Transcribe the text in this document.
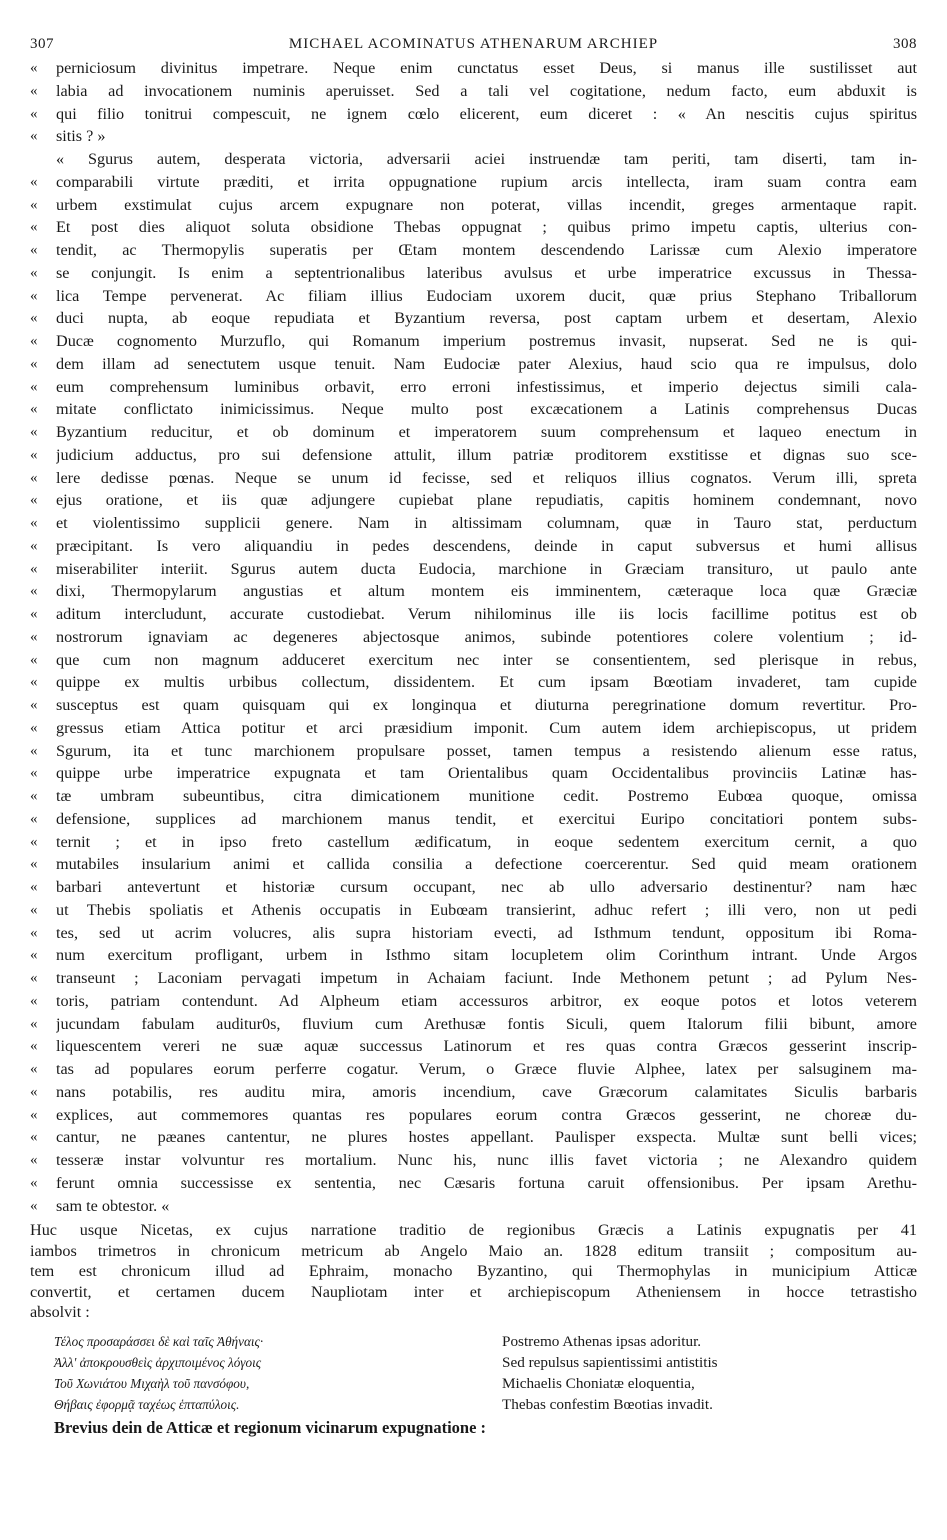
307	MICHAEL ACOMINATUS ATHENARUM ARCHIEP	308
«	perniciosum divinitus impetrare. Neque enim cunctatus esset Deus, si manus ille sustilisset aut
«	labia ad invocationem numinis aperuisset. Sed a tali vel cogitatione, nedum facto, eum abduxit is
«	qui filio tonitrui compescuit, ne ignem cœlo elicerent, eum diceret : « An nescitis cujus spiritus
«	sitis ? »
« Sgurus autem, desperata victoria, adversarii aciei instruendæ tam periti, tam diserti, tam in-
«	comparabili virtute præditi, et irrita oppugnatione rupium arcis intellecta, iram suam contra eam
«	urbem exstimulat cujus arcem expugnare non poterat, villas incendit, greges armentaque rapit.
«	Et post dies aliquot soluta obsidione Thebas oppugnat ; quibus primo impetu captis, ulterius con-
«	tendit, ac Thermopylis superatis per Œtam montem descendendo Larissæ cum Alexio imperatore
«	se conjungit. Is enim a septentrionalibus lateribus avulsus et urbe imperatrice excussus in Thessa-
«	lica Tempe pervenerat. Ac filiam illius Eudociam uxorem ducit, quæ prius Stephano Triballorum
«	duci nupta, ab eoque repudiata et Byzantium reversa, post captam urbem et desertam, Alexio
«	Ducæ cognomento Murzuflo, qui Romanum imperium postremus invasit, nupserat. Sed ne is qui-
«	dem illam ad senectutem usque tenuit. Nam Eudociæ pater Alexius, haud scio qua re impulsus, dolo
«	eum comprehensum luminibus orbavit, erro erroni infestissimus, et imperio dejectus simili cala-
«	mitate conflictato inimicissimus. Neque multo post excæcationem a Latinis comprehensus Ducas
«	Byzantium reducitur, et ob dominum et imperatorem suum comprehensum et laqueo enectum in
«	judicium adductus, pro sui defensione attulit, illum patriæ proditorem exstitisse et dignas suo sce-
«	lere dedisse pœnas. Neque se unum id fecisse, sed et reliquos illius cognatos. Verum illi, spreta
«	ejus oratione, et iis quæ adjungere cupiebat plane repudiatis, capitis hominem condemnant, novo
«	et violentissimo supplicii genere. Nam in altissimam columnam, quæ in Tauro stat, perductum
«	præcipitant. Is vero aliquandiu in pedes descendens, deinde in caput subversus et humi allisus
«	miserabiliter interiit. Sgurus autem ducta Eudocia, marchione in Græciam transituro, ut paulo ante
«	dixi, Thermopylarum angustias et altum montem eis imminentem, cæteraque loca quæ Græciæ
«	aditum intercludunt, accurate custodiebat. Verum nihilominus ille iis locis facillime potitus est ob
«	nostrorum ignaviam ac degeneres abjectosque animos, subinde potentiores colere volentium ; id-
«	que cum non magnum adduceret exercitum nec inter se consentientem, sed plerisque in rebus,
«	quippe ex multis urbibus collectum, dissidentem. Et cum ipsam Bœotiam invaderet, tam cupide
«	susceptus est quam quisquam qui ex longinqua et diuturna peregrinatione domum revertitur. Pro-
«	gressus etiam Attica potitur et arci præsidium imponit. Cum autem idem archiepiscopus, ut pridem
«	Sgurum, ita et tunc marchionem propulsare posset, tamen tempus a resistendo alienum esse ratus,
«	quippe urbe imperatrice expugnata et tam Orientalibus quam Occidentalibus provinciis Latinæ has-
«	tæ umbram subeuntibus, citra dimicationem munitione cedit. Postremo Eubœa quoque, omissa
«	defensione, supplices ad marchionem manus tendit, et exercitui Euripo concitatiori pontem subs-
«	ternit ; et in ipso freto castellum ædificatum, in eoque sedentem exercitum cernit, a quo
«	mutabiles insularium animi et callida consilia a defectione coercerentur. Sed quid meam orationem
«	barbari antevertunt et historiæ cursum occupant, nec ab ullo adversario destinentur? nam hæc
«	ut Thebis spoliatis et Athenis occupatis in Eubœam transierint, adhuc refert ; illi vero, non ut pedi
«	tes, sed ut acrim volucres, alis supra historiam evecti, ad Isthmum tendunt, oppositum ibi Roma-
«	num exercitum profligant, urbem in Isthmo sitam locupletem olim Corinthum intrant. Unde Argos
«	transeunt ; Laconiam pervagati impetum in Achaiam faciunt. Inde Methonem petunt ; ad Pylum Nes-
«	toris, patriam contendunt. Ad Alpheum etiam accessuros arbitror, ex eoque potos et lotos veterem
«	jucundam fabulam auditur0s, fluvium cum Arethusæ fontis Siculi, quem Italorum filii bibunt, amore
«	liquescentem vereri ne suæ aquæ successus Latinorum et res quas contra Græcos gesserint inscrip-
«	tas ad populares eorum perferre cogatur. Verum, o Græce fluvie Alphee, latex per salsuginem ma-
«	nans potabilis, res auditu mira, amoris incendium, cave Græcorum calamitates Siculis barbaris
«	explices, aut commemores quantas res populares eorum contra Græcos gesserint, ne choreæ du-
«	cantur, ne pæanes cantentur, ne plures hostes appellant. Paulisper exspecta. Multæ sunt belli vices;
«	tesseræ instar volvuntur res mortalium. Nunc his, nunc illis favet victoria ; ne Alexandro quidem
«	ferunt omnia successisse ex sententia, nec Cæsaris fortuna caruit offensionibus. Per ipsam Arethu-
«	sam te obtestor. «
Huc usque Nicetas, ex cujus narratione traditio de regionibus Græcis a Latinis expugnatis per 41
iambos trimetros in chronicum metricum ab Angelo Maio an. 1828 editum transiit ; compositum au-
tem est chronicum illud ad Ephraim, monacho Byzantino, qui Thermophylas in municipium Atticæ
convertit, et certamen ducem Naupliotam inter et archiepiscopum Atheniensem in hocce tetrastisho
absolvit :
Τέλος προσαράσσει δὲ καὶ ταῖς Ἀθήναις·	Postremo Athenas ipsas adoritur.
Ἀλλ' ἀποκρουσθεὶς ἀρχιποιμένος λόγοις	Sed repulsus sapientissimi antistitis
Τοῦ Χωνιάτου Μιχαὴλ τοῦ πανσόφου,	Michaelis Choniatæ eloquentia,
Θήβαις ἐφορμᾷ ταχέως ἑπταπύλοις.	Thebas confestim Bœotias invadit.
Brevius dein de Atticæ et regionum vicinarum expugnatione :
